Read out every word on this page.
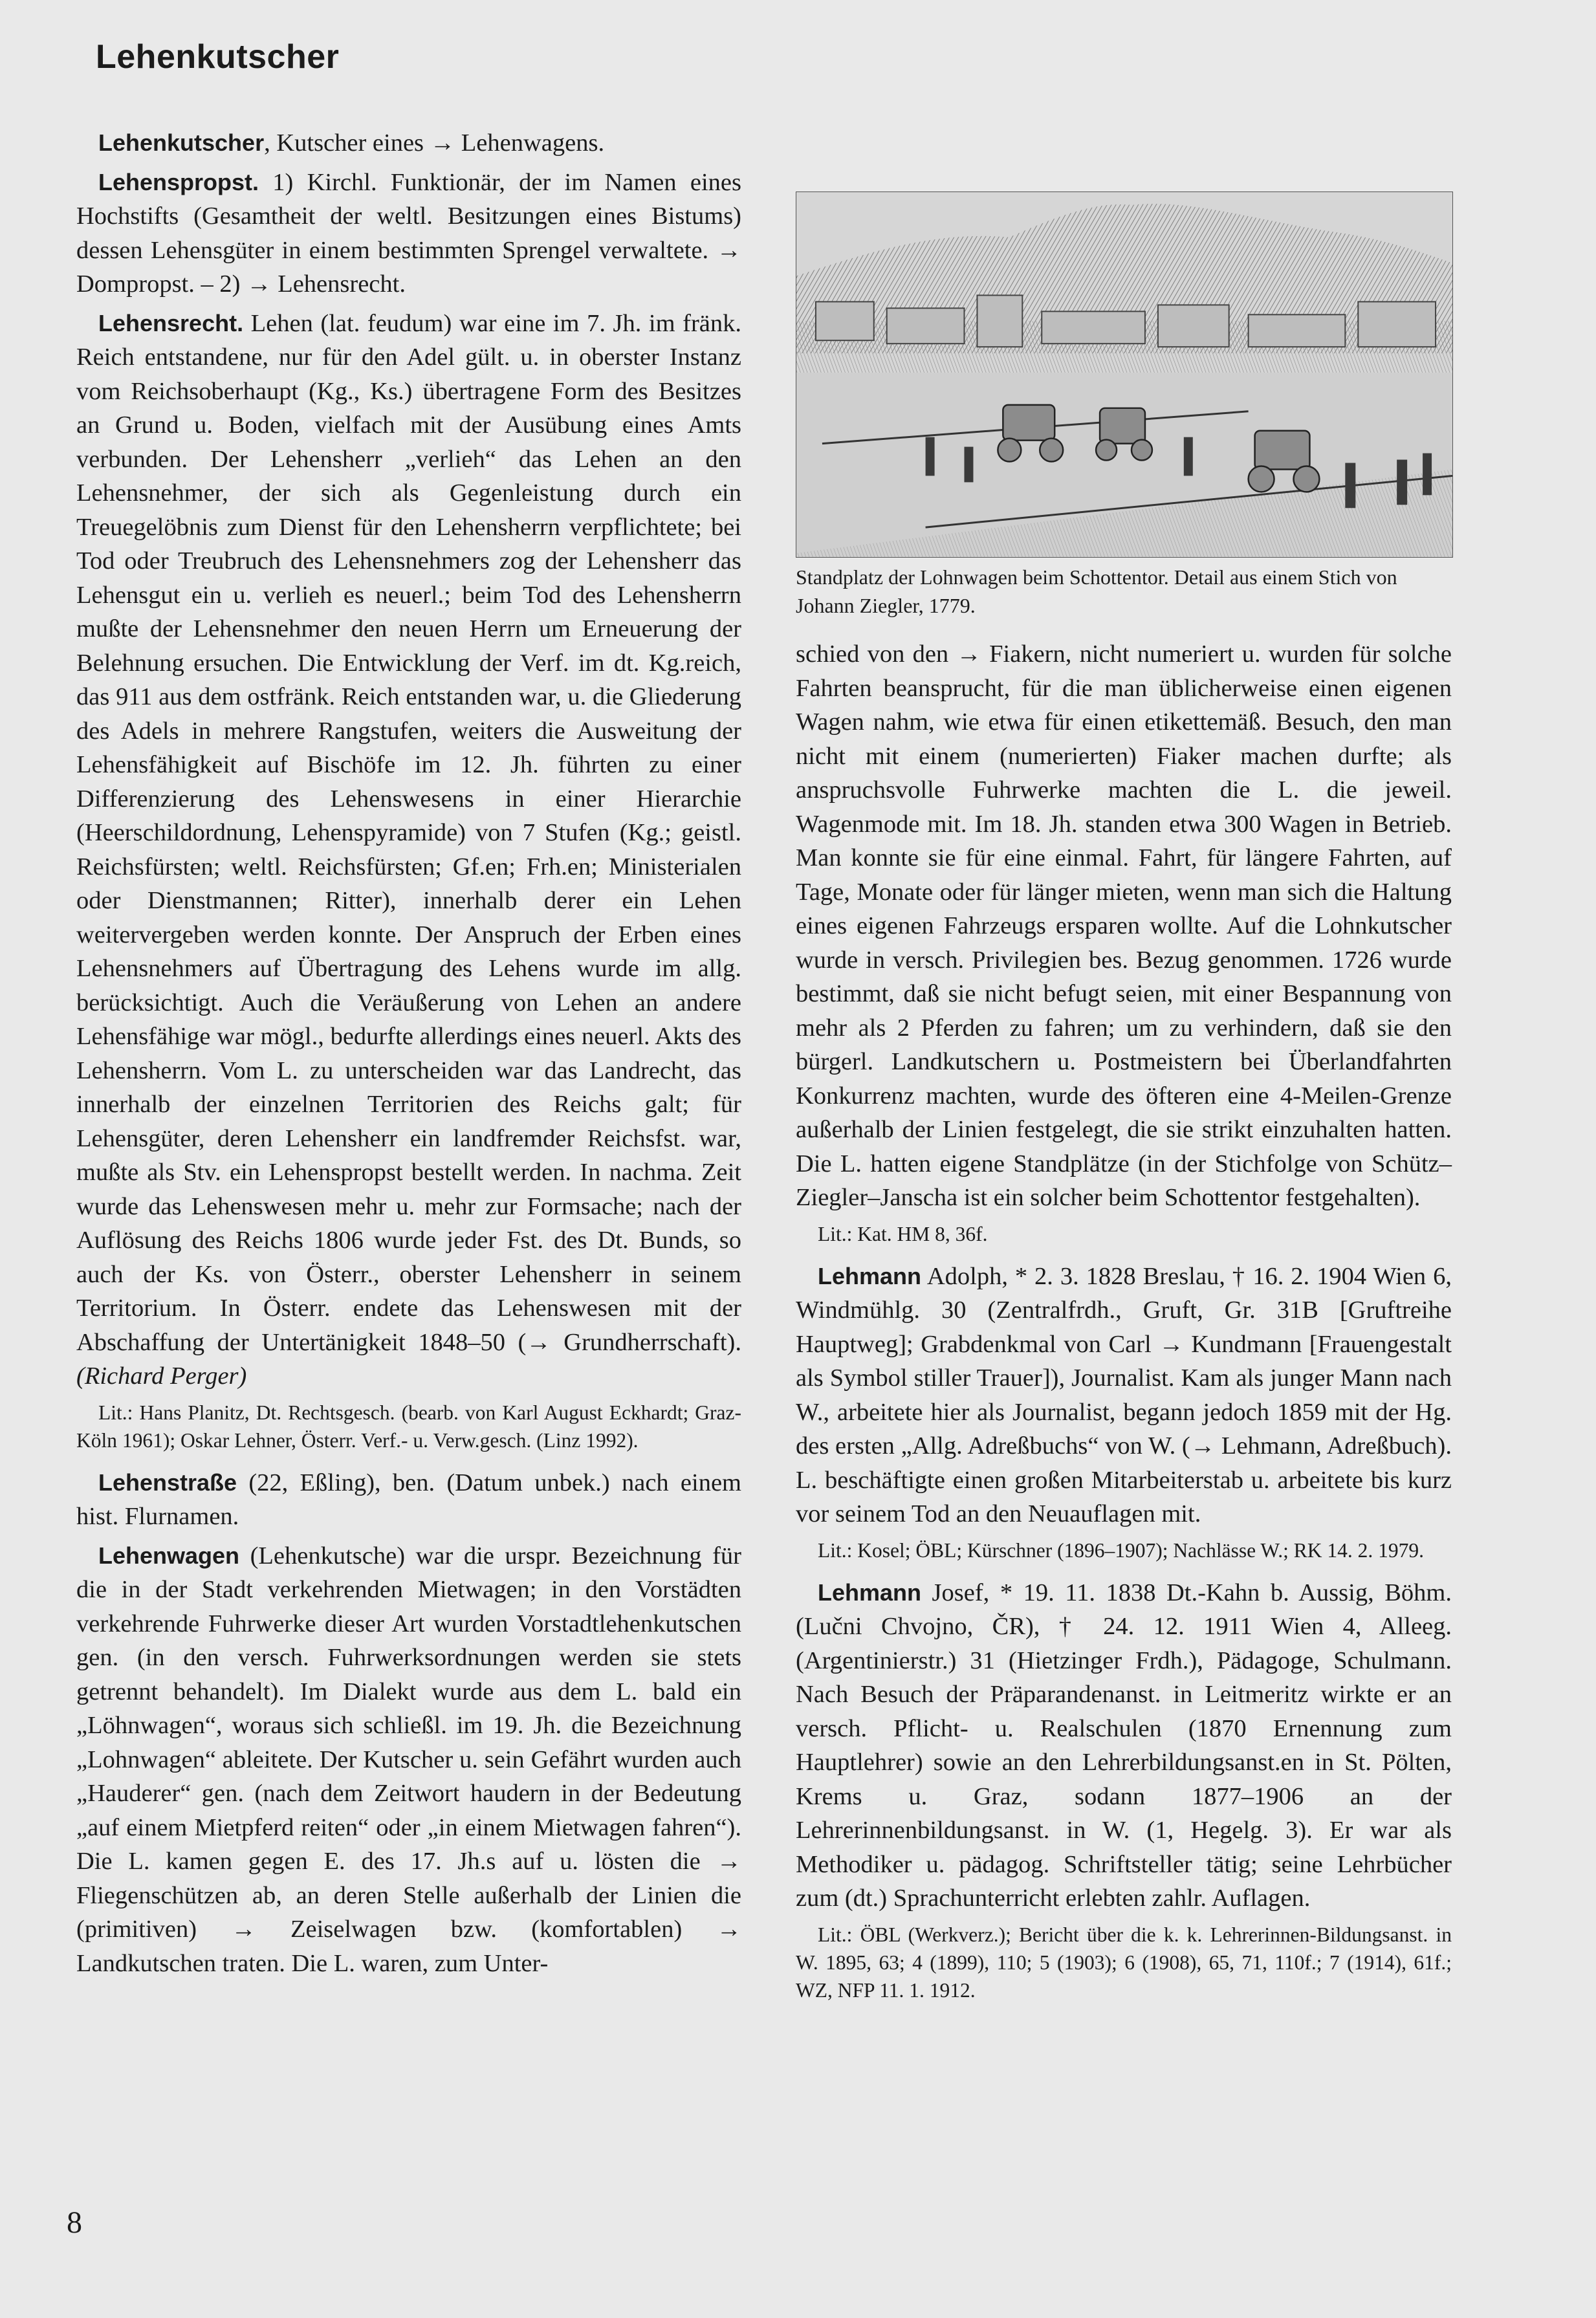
Lehenkutscher

Lehenkutscher, Kutscher eines → Lehenwagens.

Lehenspropst. 1) Kirchl. Funktionär, der im Namen eines Hochstifts (Gesamtheit der weltl. Besitzungen eines Bistums) dessen Lehensgüter in einem bestimmten Sprengel verwaltete. → Dompropst. – 2) → Lehensrecht.

Lehensrecht. Lehen (lat. feudum) war eine im 7. Jh. im fränk. Reich entstandene, nur für den Adel gült. u. in oberster Instanz vom Reichsoberhaupt (Kg., Ks.) übertragene Form des Besitzes an Grund u. Boden, vielfach mit der Ausübung eines Amts verbunden. Der Lehensherr „verlieh“ das Lehen an den Lehensnehmer, der sich als Gegenleistung durch ein Treuegelöbnis zum Dienst für den Lehensherrn verpflichtete; bei Tod oder Treubruch des Lehensnehmers zog der Lehensherr das Lehensgut ein u. verlieh es neuerl.; beim Tod des Lehensherrn mußte der Lehensnehmer den neuen Herrn um Erneuerung der Belehnung ersuchen. Die Entwicklung der Verf. im dt. Kg.reich, das 911 aus dem ostfränk. Reich entstanden war, u. die Gliederung des Adels in mehrere Rangstufen, weiters die Ausweitung der Lehensfähigkeit auf Bischöfe im 12. Jh. führten zu einer Differenzierung des Lehenswesens in einer Hierarchie (Heerschildordnung, Lehenspyramide) von 7 Stufen (Kg.; geistl. Reichsfürsten; weltl. Reichsfürsten; Gf.en; Frh.en; Ministerialen oder Dienstmannen; Ritter), innerhalb derer ein Lehen weitervergeben werden konnte. Der Anspruch der Erben eines Lehensnehmers auf Übertragung des Lehens wurde im allg. berücksichtigt. Auch die Veräußerung von Lehen an andere Lehensfähige war mögl., bedurfte allerdings eines neuerl. Akts des Lehensherrn. Vom L. zu unterscheiden war das Landrecht, das innerhalb der einzelnen Territorien des Reichs galt; für Lehensgüter, deren Lehensherr ein landfremder Reichsfst. war, mußte als Stv. ein Lehenspropst bestellt werden. In nachma. Zeit wurde das Lehenswesen mehr u. mehr zur Formsache; nach der Auflösung des Reichs 1806 wurde jeder Fst. des Dt. Bunds, so auch der Ks. von Österr., oberster Lehensherr in seinem Territorium. In Österr. endete das Lehenswesen mit der Abschaffung der Untertänigkeit 1848–50 (→ Grundherrschaft). (Richard Perger)

Lit.: Hans Planitz, Dt. Rechtsgesch. (bearb. von Karl August Eckhardt; Graz-Köln 1961); Oskar Lehner, Österr. Verf.- u. Verw.gesch. (Linz 1992).

Lehenstraße (22, Eßling), ben. (Datum unbek.) nach einem hist. Flurnamen.

Lehenwagen (Lehenkutsche) war die urspr. Bezeichnung für die in der Stadt verkehrenden Mietwagen; in den Vorstädten verkehrende Fuhrwerke dieser Art wurden Vorstadtlehenkutschen gen. (in den versch. Fuhrwerksordnungen werden sie stets getrennt behandelt). Im Dialekt wurde aus dem L. bald ein „Löhnwagen“, woraus sich schließl. im 19. Jh. die Bezeichnung „Lohnwagen“ ableitete. Der Kutscher u. sein Gefährt wurden auch „Hauderer“ gen. (nach dem Zeitwort haudern in der Bedeutung „auf einem Mietpferd reiten“ oder „in einem Mietwagen fahren“). Die L. kamen gegen E. des 17. Jh.s auf u. lösten die → Fliegenschützen ab, an deren Stelle außerhalb der Linien die (primitiven) → Zeiselwagen bzw. (komfortablen) → Landkutschen traten. Die L. waren, zum Unter-

Standplatz der Lohnwagen beim Schottentor. Detail aus einem Stich von Johann Ziegler, 1779.

schied von den → Fiakern, nicht numeriert u. wurden für solche Fahrten beansprucht, für die man üblicherweise einen eigenen Wagen nahm, wie etwa für einen etikettemäß. Besuch, den man nicht mit einem (numerierten) Fiaker machen durfte; als anspruchsvolle Fuhrwerke machten die L. die jeweil. Wagenmode mit. Im 18. Jh. standen etwa 300 Wagen in Betrieb. Man konnte sie für eine einmal. Fahrt, für längere Fahrten, auf Tage, Monate oder für länger mieten, wenn man sich die Haltung eines eigenen Fahrzeugs ersparen wollte. Auf die Lohnkutscher wurde in versch. Privilegien bes. Bezug genommen. 1726 wurde bestimmt, daß sie nicht befugt seien, mit einer Bespannung von mehr als 2 Pferden zu fahren; um zu verhindern, daß sie den bürgerl. Landkutschern u. Postmeistern bei Überlandfahrten Konkurrenz machten, wurde des öfteren eine 4-Meilen-Grenze außerhalb der Linien festgelegt, die sie strikt einzuhalten hatten. Die L. hatten eigene Standplätze (in der Stichfolge von Schütz–Ziegler–Janscha ist ein solcher beim Schottentor festgehalten).

Lit.: Kat. HM 8, 36f.

Lehmann Adolph, * 2. 3. 1828 Breslau, † 16. 2. 1904 Wien 6, Windmühlg. 30 (Zentralfrdh., Gruft, Gr. 31B [Gruftreihe Hauptweg]; Grabdenkmal von Carl → Kundmann [Frauengestalt als Symbol stiller Trauer]), Journalist. Kam als junger Mann nach W., arbeitete hier als Journalist, begann jedoch 1859 mit der Hg. des ersten „Allg. Adreßbuchs“ von W. (→ Lehmann, Adreßbuch). L. beschäftigte einen großen Mitarbeiterstab u. arbeitete bis kurz vor seinem Tod an den Neuauflagen mit.

Lit.: Kosel; ÖBL; Kürschner (1896–1907); Nachlässe W.; RK 14. 2. 1979.

Lehmann Josef, * 19. 11. 1838 Dt.-Kahn b. Aussig, Böhm. (Lučni Chvojno, ČR), † 24. 12. 1911 Wien 4, Alleeg. (Argentinierstr.) 31 (Hietzinger Frdh.), Pädagoge, Schulmann. Nach Besuch der Präparandenanst. in Leitmeritz wirkte er an versch. Pflicht- u. Realschulen (1870 Ernennung zum Hauptlehrer) sowie an den Lehrerbildungsanst.en in St. Pölten, Krems u. Graz, sodann 1877–1906 an der Lehrerinnenbildungsanst. in W. (1, Hegelg. 3). Er war als Methodiker u. pädagog. Schriftsteller tätig; seine Lehrbücher zum (dt.) Sprachunterricht erlebten zahlr. Auflagen.

Lit.: ÖBL (Werkverz.); Bericht über die k. k. Lehrerinnen-Bildungsanst. in W. 1895, 63; 4 (1899), 110; 5 (1903); 6 (1908), 65, 71, 110f.; 7 (1914), 61f.; WZ, NFP 11. 1. 1912.

8
